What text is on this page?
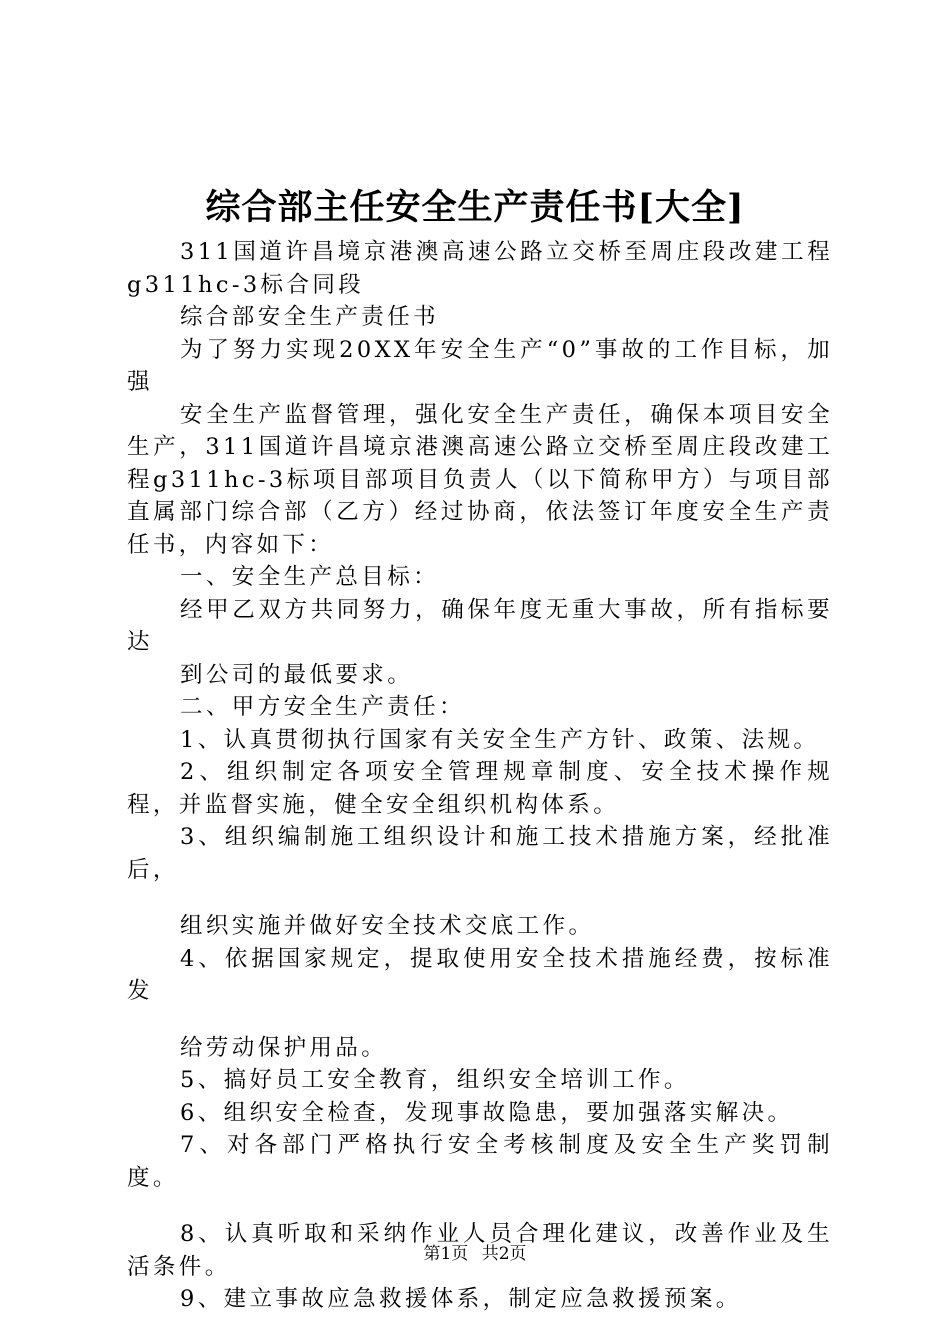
综合部主任安全生产责任书[大全]

311国道许昌境京港澳高速公路立交桥至周庄段改建工程g311hc-3标合同段

综合部安全生产责任书

为了努力实现20XX年安全生产“0”事故的工作目标，加强

安全生产监督管理，强化安全生产责任，确保本项目安全生产，311国道许昌境京港澳高速公路立交桥至周庄段改建工程g311hc-3标项目部项目负责人（以下简称甲方）与项目部直属部门综合部（乙方）经过协商，依法签订年度安全生产责任书，内容如下：

一、安全生产总目标：

经甲乙双方共同努力，确保年度无重大事故，所有指标要达

到公司的最低要求。

二、甲方安全生产责任：

1、认真贯彻执行国家有关安全生产方针、政策、法规。

2、组织制定各项安全管理规章制度、安全技术操作规程，并监督实施，健全安全组织机构体系。

3、组织编制施工组织设计和施工技术措施方案，经批准后，

组织实施并做好安全技术交底工作。

4、依据国家规定，提取使用安全技术措施经费，按标准发

给劳动保护用品。

5、搞好员工安全教育，组织安全培训工作。

6、组织安全检查，发现事故隐患，要加强落实解决。

7、对各部门严格执行安全考核制度及安全生产奖罚制度。

8、认真听取和采纳作业人员合理化建议，改善作业及生活条件。

9、建立事故应急救援体系，制定应急救援预案。

第1页 共2页
